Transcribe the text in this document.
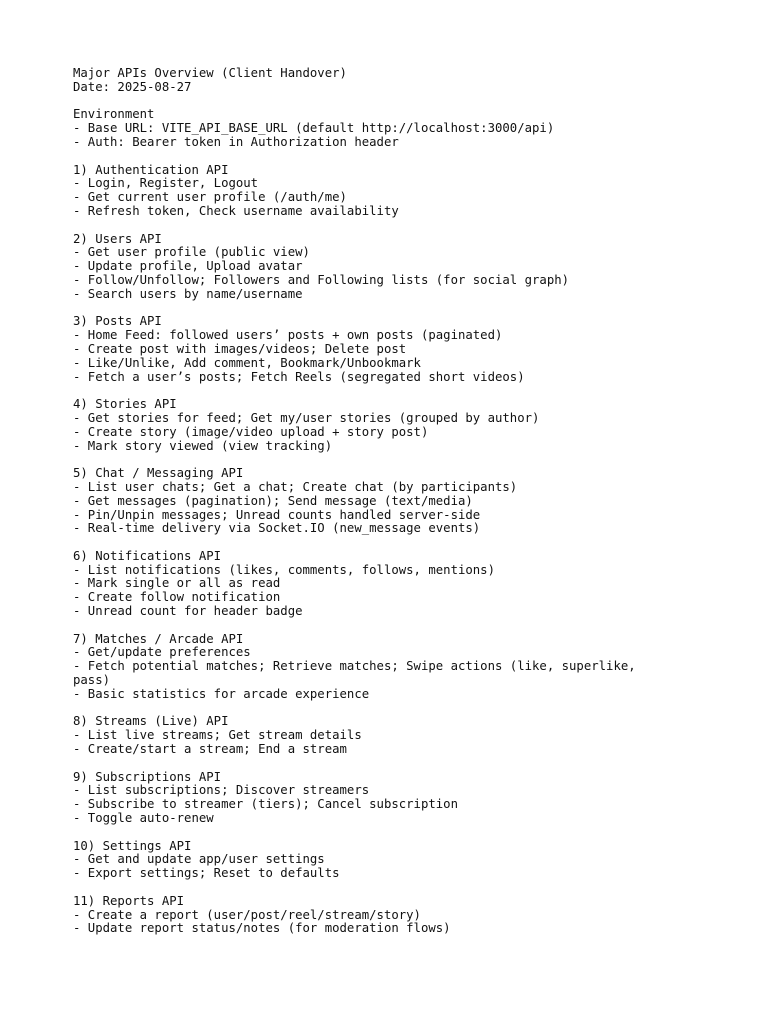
Major APIs Overview (Client Handover)
Date: 2025-08-27
Environment
- Base URL: VITE_API_BASE_URL (default http://localhost:3000/api)
- Auth: Bearer token in Authorization header
1) Authentication API
- Login, Register, Logout
- Get current user profile (/auth/me)
- Refresh token, Check username availability
2) Users API
- Get user profile (public view)
- Update profile, Upload avatar
- Follow/Unfollow; Followers and Following lists (for social graph)
- Search users by name/username
3) Posts API
- Home Feed: followed users’ posts + own posts (paginated)
- Create post with images/videos; Delete post
- Like/Unlike, Add comment, Bookmark/Unbookmark
- Fetch a user’s posts; Fetch Reels (segregated short videos)
4) Stories API
- Get stories for feed; Get my/user stories (grouped by author)
- Create story (image/video upload + story post)
- Mark story viewed (view tracking)
5) Chat / Messaging API
- List user chats; Get a chat; Create chat (by participants)
- Get messages (pagination); Send message (text/media)
- Pin/Unpin messages; Unread counts handled server-side
- Real-time delivery via Socket.IO (new_message events)
6) Notifications API
- List notifications (likes, comments, follows, mentions)
- Mark single or all as read
- Create follow notification
- Unread count for header badge
7) Matches / Arcade API
- Get/update preferences
- Fetch potential matches; Retrieve matches; Swipe actions (like, superlike,
pass)
- Basic statistics for arcade experience
8) Streams (Live) API
- List live streams; Get stream details
- Create/start a stream; End a stream
9) Subscriptions API
- List subscriptions; Discover streamers
- Subscribe to streamer (tiers); Cancel subscription
- Toggle auto-renew
10) Settings API
- Get and update app/user settings
- Export settings; Reset to defaults
11) Reports API
- Create a report (user/post/reel/stream/story)
- Update report status/notes (for moderation flows)
